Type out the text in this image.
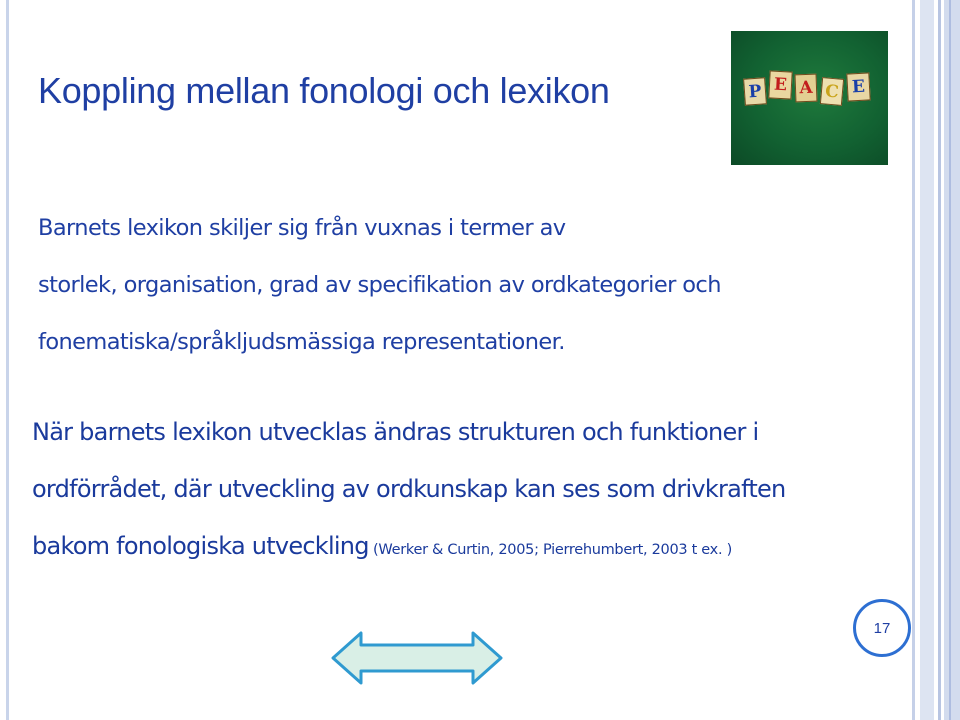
Koppling mellan fonologi och lexikon	P E A C E
Barnets lexikon skiljer sig från vuxnas i termer av
storlek, organisation, grad av specifikation av ordkategorier och
fonematiska/språkljudsmässiga representationer.
När barnets lexikon utvecklas ändras strukturen och funktioner i
ordförrådet, där utveckling av ordkunskap kan ses som drivkraften
bakom fonologiska utveckling (Werker & Curtin, 2005; Pierrehumbert, 2003 t ex. )
17
